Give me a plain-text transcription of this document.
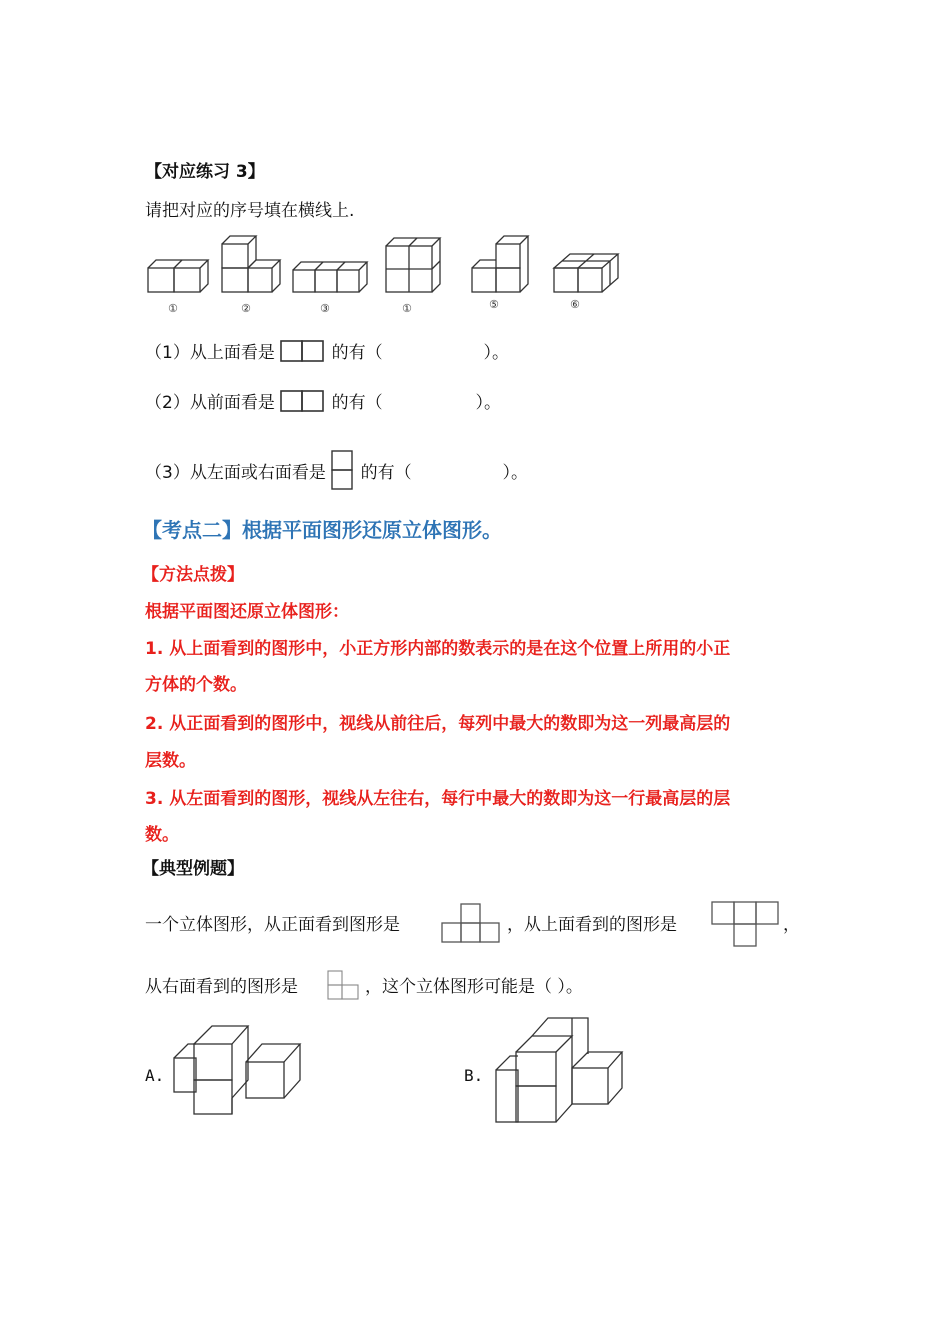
【对应练习 3】
请把对应的序号填在横线上.
①	②	③	①	⑤	⑥
（1）从上面看是	的有（	）。
（2）从前面看是	的有（	）。
（3）从左面或右面看是 的有（	）。
【考点二】根据平面图形还原立体图形。
【方法点拨】
根据平面图还原立体图形：
1. 从上面看到的图形中，小正方形内部的数表示的是在这个位置上所用的小正
方体的个数。
2. 从正面看到的图形中，视线从前往后，每列中最大的数即为这一列最高层的
层数。
3. 从左面看到的图形，视线从左往右，每行中最大的数即为这一行最高层的层
数。
【典型例题】
一个立体图形，从正面看到图形是	，从上面看到的图形是	，
从右面看到的图形是	，这个立体图形可能是（ ）。
A.	B.
